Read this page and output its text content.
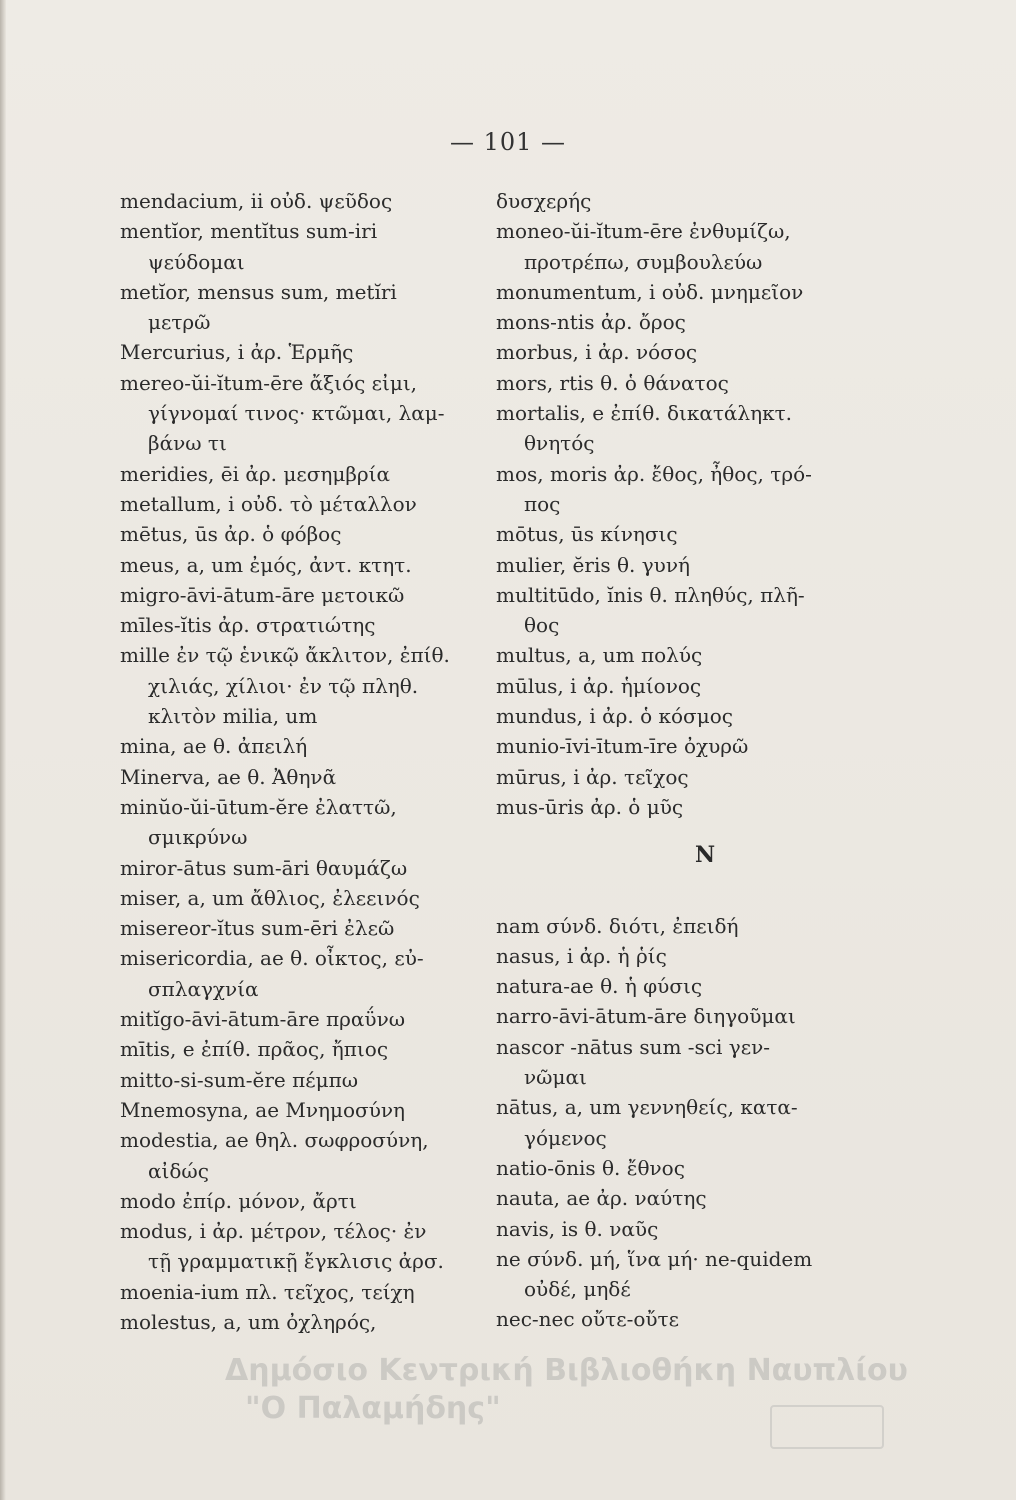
— 101 —
mendacium, ii οὐδ. ψεῦδος
mentĭor, mentĭtus sum-iri
ψεύδομαι
metĭor, mensus sum, metĭri
μετρῶ
Mercurius, i ἀρ. Ἑρμῆς
mereo-ŭi-ĭtum-ēre ἄξιός εἰμι,
γίγνομαί τινος· κτῶμαι, λαμ-
βάνω τι
meridies, ēi ἀρ. μεσημβρία
metallum, i οὐδ. τὸ μέταλλον
mētus, ūs ἀρ. ὁ φόβος
meus, a, um ἐμός, ἀντ. κτητ.
migro-āvi-ātum-āre μετοικῶ
mīles-ĭtis ἀρ. στρατιώτης
mille ἐν τῷ ἑνικῷ ἄκλιτον, ἐπίθ.
χιλιάς, χίλιοι· ἐν τῷ πληθ.
κλιτὸν milia, um
mina, ae θ. ἀπειλή
Minerva, ae θ. Ἀθηνᾶ
minŭo-ŭi-ūtum-ĕre ἐλαττῶ,
σμικρύνω
miror-ātus sum-āri θαυμάζω
miser, a, um ἄθλιος, ἐλεεινός
misereor-ĭtus sum-ēri ἐλεῶ
misericordia, ae θ. οἶκτος, εὐ-
σπλαγχνία
mitĭgo-āvi-ātum-āre πραΰνω
mītis, e ἐπίθ. πρᾶος, ἤπιος
mitto-si-sum-ĕre πέμπω
Mnemosyna, ae Μνημοσύνη
modestia, ae θηλ. σωφροσύνη,
αἰδώς
modo ἐπίρ. μόνον, ἄρτι
modus, i ἀρ. μέτρον, τέλος· ἐν
τῇ γραμματικῇ ἔγκλισις ἀρσ.
moenia-ium πλ. τεῖχος, τείχη
molestus, a, um ὀχληρός,
δυσχερής
moneo-ŭi-ĭtum-ēre ἐνθυμίζω,
προτρέπω, συμβουλεύω
monumentum, i οὐδ. μνημεῖον
mons-ntis ἀρ. ὄρος
morbus, i ἀρ. νόσος
mors, rtis θ. ὁ θάνατος
mortalis, e ἐπίθ. δικατάληκτ.
θνητός
mos, moris ἀρ. ἔθος, ἦθος, τρό-
πος
mōtus, ūs κίνησις
mulier, ĕris θ. γυνή
multitūdo, ĭnis θ. πληθύς, πλῆ-
θος
multus, a, um πολύς
mūlus, i ἀρ. ἡμίονος
mundus, i ἀρ. ὁ κόσμος
munio-īvi-ītum-īre ὀχυρῶ
mūrus, i ἀρ. τεῖχος
mus-ūris ἀρ. ὁ μῦς
N
nam σύνδ. διότι, ἐπειδή
nasus, i ἀρ. ἡ ῥίς
natura-ae θ. ἡ φύσις
narro-āvi-ātum-āre διηγοῦμαι
nascor -nātus sum -sci γεν-
νῶμαι
nātus, a, um γεννηθείς, κατα-
γόμενος
natio-ōnis θ. ἔθνος
nauta, ae ἀρ. ναύτης
navis, is θ. ναῦς
ne σύνδ. μή, ἵνα μή· ne-quidem
οὐδέ, μηδέ
nec-nec οὔτε-οὔτε
Δημόσιο Κεντρική Βιβλιοθήκη Ναυπλίου
"Ο Παλαμήδης"
